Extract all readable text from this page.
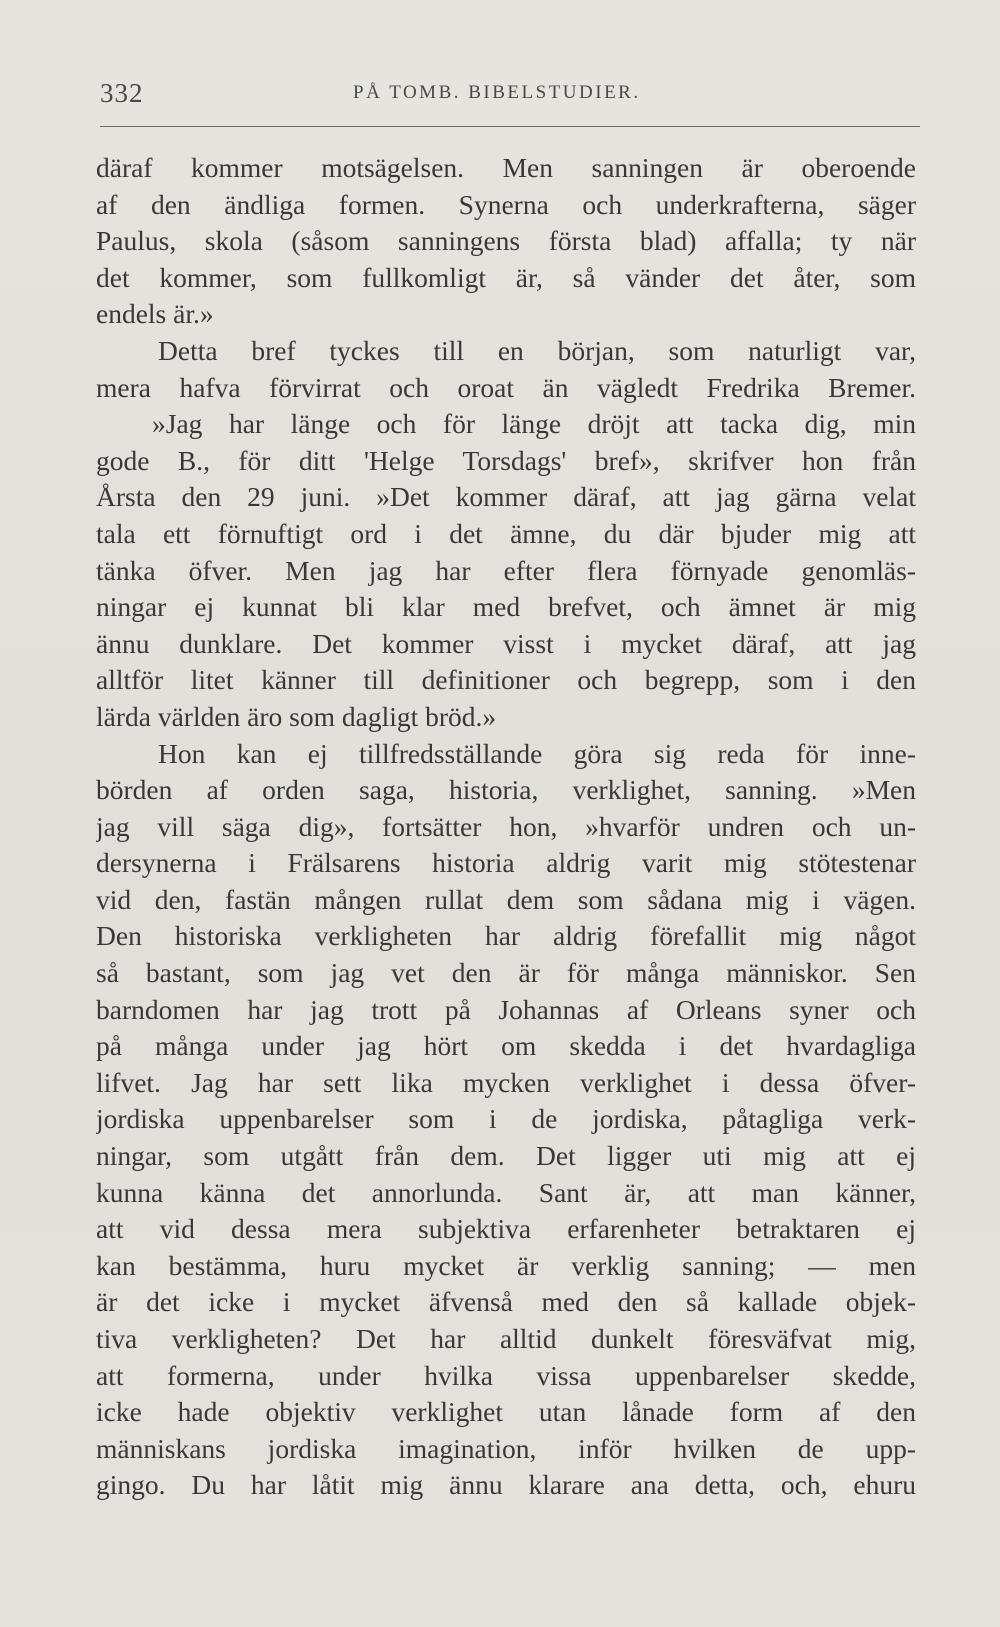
332	PÅ TOMB. BIBELSTUDIER.
däraf kommer motsägelsen. Men sanningen är oberoende
af den ändliga formen. Synerna och underkrafterna, säger
Paulus, skola (såsom sanningens första blad) affalla; ty när
det kommer, som fullkomligt är, så vänder det åter, som
endels är.»
Detta bref tyckes till en början, som naturligt var,
mera hafva förvirrat och oroat än vägledt Fredrika Bremer.
»Jag har länge och för länge dröjt att tacka dig, min
gode B., för ditt 'Helge Torsdags' bref», skrifver hon från
Årsta den 29 juni. »Det kommer däraf, att jag gärna velat
tala ett förnuftigt ord i det ämne, du där bjuder mig att
tänka öfver. Men jag har efter flera förnyade genomläs-
ningar ej kunnat bli klar med brefvet, och ämnet är mig
ännu dunklare. Det kommer visst i mycket däraf, att jag
alltför litet känner till definitioner och begrepp, som i den
lärda världen äro som dagligt bröd.»
Hon kan ej tillfredsställande göra sig reda för inne-
börden af orden saga, historia, verklighet, sanning. »Men
jag vill säga dig», fortsätter hon, »hvarför undren och un-
dersynerna i Frälsarens historia aldrig varit mig stötestenar
vid den, fastän mången rullat dem som sådana mig i vägen.
Den historiska verkligheten har aldrig förefallit mig något
så bastant, som jag vet den är för många människor. Sen
barndomen har jag trott på Johannas af Orleans syner och
på många under jag hört om skedda i det hvardagliga
lifvet. Jag har sett lika mycken verklighet i dessa öfver-
jordiska uppenbarelser som i de jordiska, påtagliga verk-
ningar, som utgått från dem. Det ligger uti mig att ej
kunna känna det annorlunda. Sant är, att man känner,
att vid dessa mera subjektiva erfarenheter betraktaren ej
kan bestämma, huru mycket är verklig sanning; — men
är det icke i mycket äfvenså med den så kallade objek-
tiva verkligheten? Det har alltid dunkelt föresväfvat mig,
att formerna, under hvilka vissa uppenbarelser skedde,
icke hade objektiv verklighet utan lånade form af den
människans jordiska imagination, inför hvilken de upp-
gingo. Du har låtit mig ännu klarare ana detta, och, ehuru
